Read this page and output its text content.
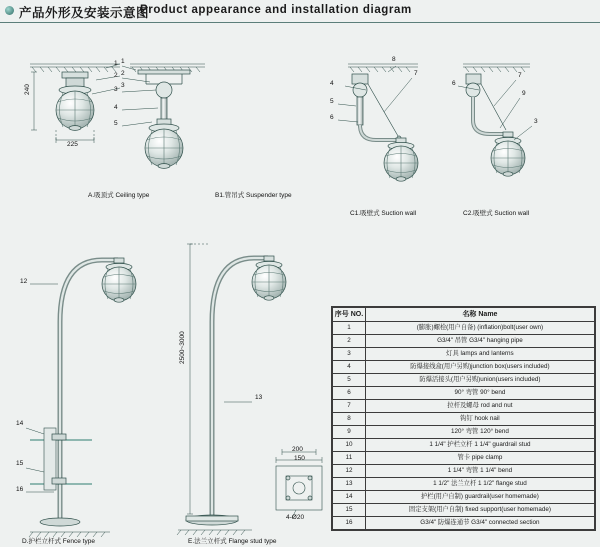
产品外形及安装示意图
Product appearance and installation diagram
A.吸顶式 Ceiling type	B1.管吊式 Suspender type
C1.吸壁式 Suction wall	C2.吸壁式 Suction wall
D.护栏立杆式 Fence type	E.法兰立杆式 Flange stud type
240
225
1
2
3
1
2
3
4
5
4
5
6
7
8
6
7
9
3
12
14
15
16
13
2500~3000
200
150
4-Ø20
序号 NO.	名称 Name
1	(膨胀)螺栓(用户自备) (inflation)bolt(user own)
2	G3/4" 吊管 G3/4" hanging pipe
3	灯具 lamps and lanterns
4	防爆接线盒(用户另购)junction box(users included)
5	防爆活接头(用户另购)union(users included)
6	90° 弯管 90° bend
7	拉杆及螺母 rod and nut
8	钩钉 hook nail
9	120° 弯管 120° bend
10	1 1/4" 护栏立杆 1 1/4" guardrail stud
11	管卡 pipe clamp
12	1 1/4" 弯管 1 1/4" bend
13	1 1/2" 法兰立杆 1 1/2" flange stud
14	护栏(用户自制) guardrail(user homemade)
15	固定支架(用户自制) fixed support(user homemade)
16	G3/4" 防爆连通节 G3/4" connected section
